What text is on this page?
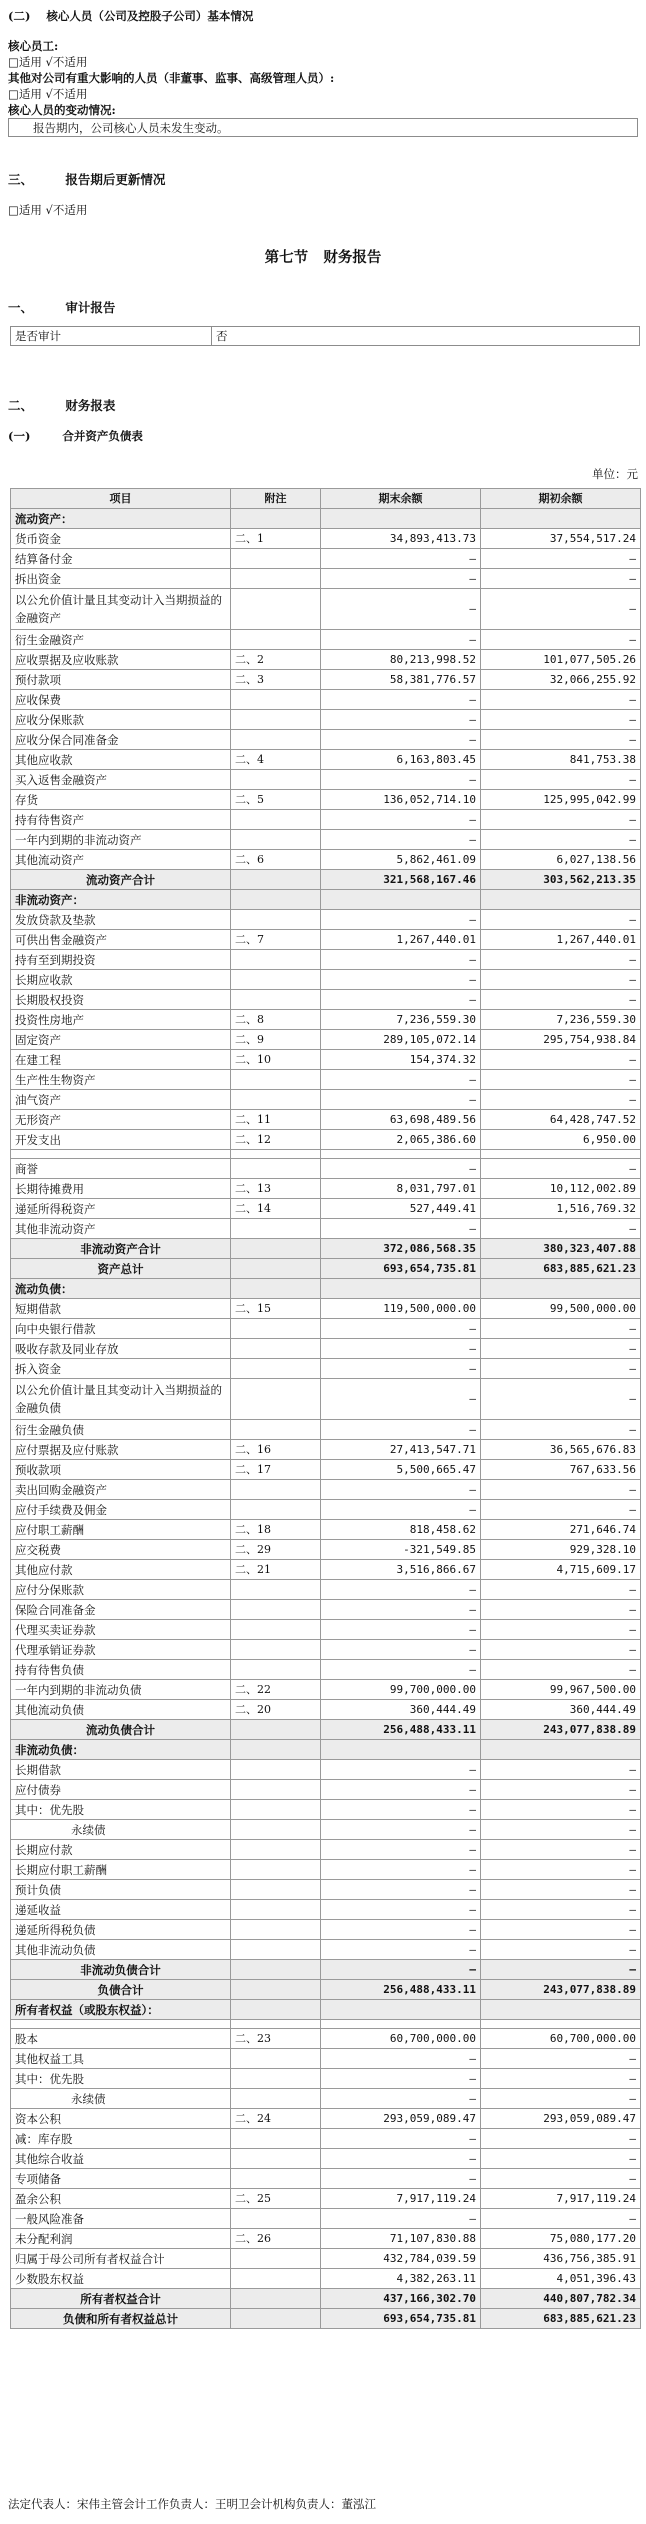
(二) 核心人员（公司及控股子公司）基本情况
核心员工:
□适用 √不适用
其他对公司有重大影响的人员（非董事、监事、高级管理人员）:
□适用 √不适用
核心人员的变动情况:
报告期内，公司核心人员未发生变动。
三、	报告期后更新情况
□适用 √不适用
第七节   财务报告
一、	审计报告
是否审计	否
二、	财务报表
(一)	合并资产负债表
单位：元
项目	附注	期末余额	期初余额
流动资产：			
货币资金	二、1	34,893,413.73	37,554,517.24
结算备付金		–	–
拆出资金		–	–
以公允价值计量且其变动计入当期损益的金融资产		–	–
衍生金融资产		–	–
应收票据及应收账款	二、2	80,213,998.52	101,077,505.26
预付款项	二、3	58,381,776.57	32,066,255.92
应收保费		–	–
应收分保账款		–	–
应收分保合同准备金		–	–
其他应收款	二、4	6,163,803.45	841,753.38
买入返售金融资产		–	–
存货	二、5	136,052,714.10	125,995,042.99
持有待售资产		–	–
一年内到期的非流动资产		–	–
其他流动资产	二、6	5,862,461.09	6,027,138.56
流动资产合计		321,568,167.46	303,562,213.35
非流动资产：			
发放贷款及垫款		–	–
可供出售金融资产	二、7	1,267,440.01	1,267,440.01
持有至到期投资		–	–
长期应收款		–	–
长期股权投资		–	–
投资性房地产	二、8	7,236,559.30	7,236,559.30
固定资产	二、9	289,105,072.14	295,754,938.84
在建工程	二、10	154,374.32	–
生产性生物资产		–	–
油气资产		–	–
无形资产	二、11	63,698,489.56	64,428,747.52
开发支出	二、12	2,065,386.60	6,950.00

商誉		–	–
长期待摊费用	二、13	8,031,797.01	10,112,002.89
递延所得税资产	二、14	527,449.41	1,516,769.32
其他非流动资产		–	–
非流动资产合计		372,086,568.35	380,323,407.88
资产总计		693,654,735.81	683,885,621.23
流动负债：			
短期借款	二、15	119,500,000.00	99,500,000.00
向中央银行借款		–	–
吸收存款及同业存放		–	–
拆入资金		–	–
以公允价值计量且其变动计入当期损益的金融负债		–	–
衍生金融负债		–	–
应付票据及应付账款	二、16	27,413,547.71	36,565,676.83
预收款项	二、17	5,500,665.47	767,633.56
卖出回购金融资产		–	–
应付手续费及佣金		–	–
应付职工薪酬	二、18	818,458.62	271,646.74
应交税费	二、29	-321,549.85	929,328.10
其他应付款	二、21	3,516,866.67	4,715,609.17
应付分保账款		–	–
保险合同准备金		–	–
代理买卖证券款		–	–
代理承销证券款		–	–
持有待售负债		–	–
一年内到期的非流动负债	二、22	99,700,000.00	99,967,500.00
其他流动负债	二、20	360,444.49	360,444.49
流动负债合计		256,488,433.11	243,077,838.89
非流动负债：			
长期借款		–	–
应付债券		–	–
其中：优先股		–	–
永续债		–	–
长期应付款		–	–
长期应付职工薪酬		–	–
预计负债		–	–
递延收益		–	–
递延所得税负债		–	–
其他非流动负债		–	–
非流动负债合计		–	–
负债合计		256,488,433.11	243,077,838.89
所有者权益（或股东权益）：			

股本	二、23	60,700,000.00	60,700,000.00
其他权益工具		–	–
其中：优先股		–	–
永续债		–	–
资本公积	二、24	293,059,089.47	293,059,089.47
减：库存股		–	–
其他综合收益		–	–
专项储备		–	–
盈余公积	二、25	7,917,119.24	7,917,119.24
一般风险准备		–	–
未分配利润	二、26	71,107,830.88	75,080,177.20
归属于母公司所有者权益合计		432,784,039.59	436,756,385.91
少数股东权益		4,382,263.11	4,051,396.43
所有者权益合计		437,166,302.70	440,807,782.34
负债和所有者权益总计		693,654,735.81	683,885,621.23
法定代表人：宋伟主管会计工作负责人：王明卫会计机构负责人：董泓江
